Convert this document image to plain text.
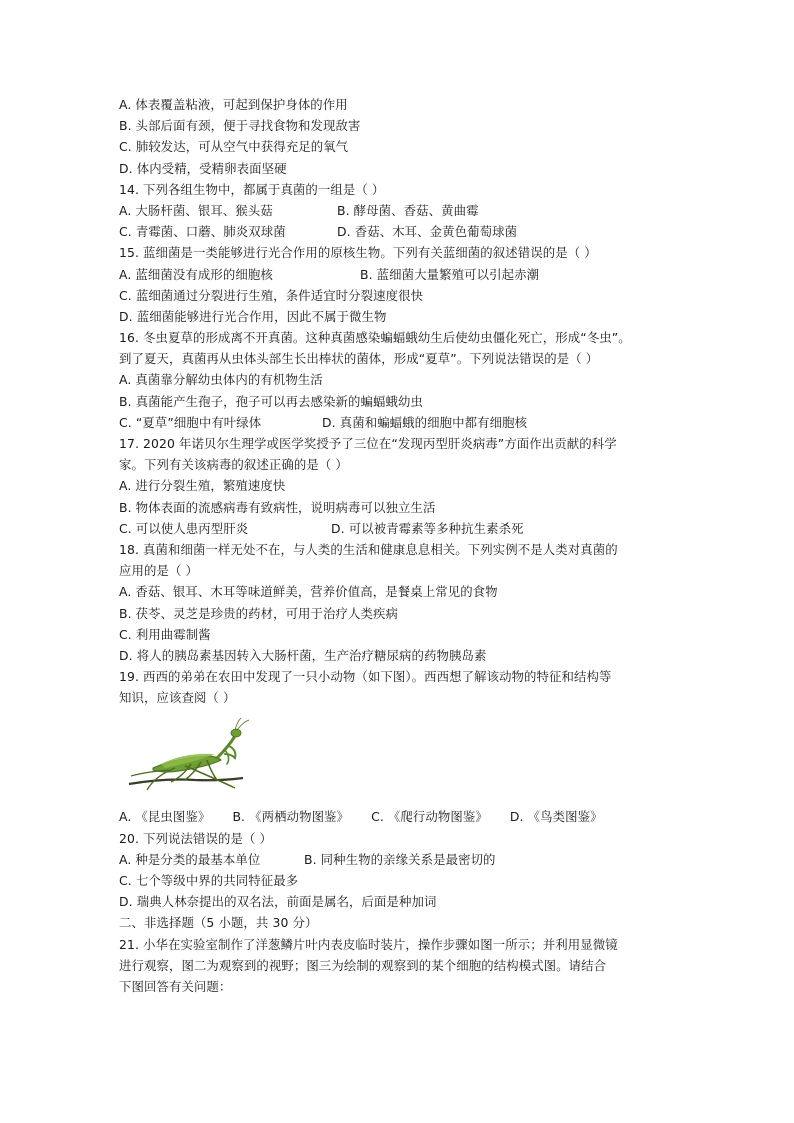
A. 体表覆盖粘液，可起到保护身体的作用
B. 头部后面有颈，便于寻找食物和发现敌害
C. 肺较发达，可从空气中获得充足的氧气
D. 体内受精，受精卵表面坚硬
14. 下列各组生物中，都属于真菌的一组是（ ）
A. 大肠杆菌、银耳、猴头菇	B. 酵母菌、香菇、黄曲霉
C. 青霉菌、口蘑、肺炎双球菌	D. 香菇、木耳、金黄色葡萄球菌
15. 蓝细菌是一类能够进行光合作用的原核生物。下列有关蓝细菌的叙述错误的是（ ）
A. 蓝细菌没有成形的细胞核	B. 蓝细菌大量繁殖可以引起赤潮
C. 蓝细菌通过分裂进行生殖，条件适宜时分裂速度很快
D. 蓝细菌能够进行光合作用，因此不属于微生物
16. 冬虫夏草的形成离不开真菌。这种真菌感染蝙蝠蛾幼生后使幼虫僵化死亡，形成“冬虫”。
到了夏天，真菌再从虫体头部生长出棒状的菌体，形成“夏草”。下列说法错误的是（ ）
A. 真菌靠分解幼虫体内的有机物生活
B. 真菌能产生孢子，孢子可以再去感染新的蝙蝠蛾幼虫
C. “夏草”细胞中有叶绿体	D. 真菌和蝙蝠蛾的细胞中都有细胞核
17. 2020 年诺贝尔生理学或医学奖授予了三位在“发现丙型肝炎病毒”方面作出贡献的科学
家。下列有关该病毒的叙述正确的是（ ）
A. 进行分裂生殖，繁殖速度快
B. 物体表面的流感病毒有致病性，说明病毒可以独立生活
C. 可以使人患丙型肝炎	D. 可以被青霉素等多种抗生素杀死
18. 真菌和细菌一样无处不在，与人类的生活和健康息息相关。下列实例不是人类对真菌的
应用的是（ ）
A. 香菇、银耳、木耳等味道鲜美，营养价值高，是餐桌上常见的食物
B. 茯苓、灵芝是珍贵的药材，可用于治疗人类疾病
C. 利用曲霉制酱
D. 将人的胰岛素基因转入大肠杆菌，生产治疗糖尿病的药物胰岛素
19. 西西的弟弟在农田中发现了一只小动物（如下图）。西西想了解该动物的特征和结构等
知识，应该查阅（ ）
A. 《昆虫图鉴》 B. 《两栖动物图鉴》 C. 《爬行动物图鉴》 D. 《鸟类图鉴》
20. 下列说法错误的是（ ）
A. 种是分类的最基本单位	B. 同种生物的亲缘关系是最密切的
C. 七个等级中界的共同特征最多
D. 瑞典人林奈提出的双名法，前面是属名，后面是种加词
二、非选择题（5 小题，共 30 分）
21. 小华在实验室制作了洋葱鳞片叶内表皮临时装片，操作步骤如图一所示；并利用显微镜
进行观察，图二为观察到的视野；图三为绘制的观察到的某个细胞的结构模式图。请结合
下图回答有关问题：
